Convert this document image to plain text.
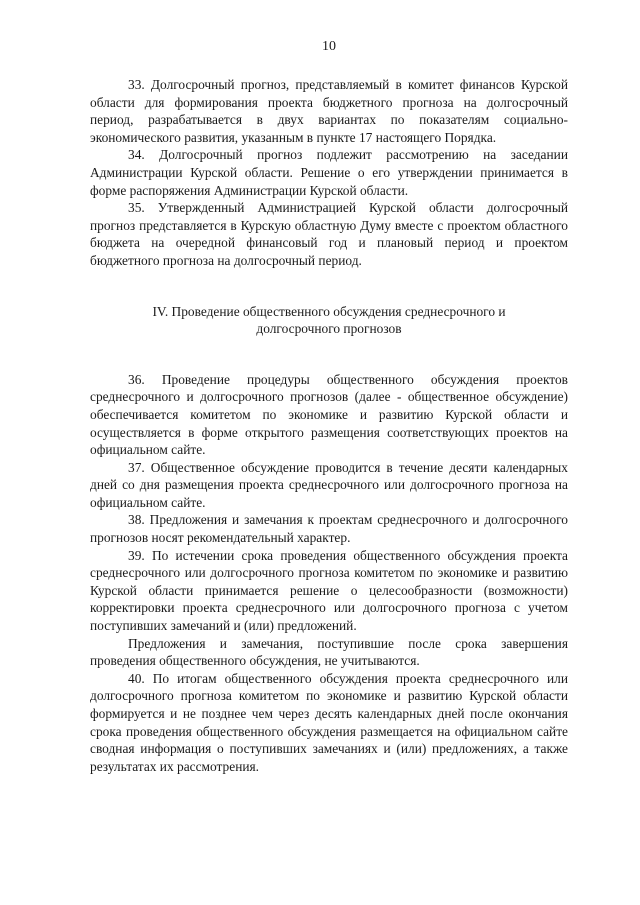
10

33. Долгосрочный прогноз, представляемый в комитет финансов Курской области для формирования проекта бюджетного прогноза на долгосрочный период, разрабатывается в двух вариантах по показателям социально-экономического развития, указанным в пункте 17 настоящего Порядка.

34. Долгосрочный прогноз подлежит рассмотрению на заседании Администрации Курской области. Решение о его утверждении принимается в форме распоряжения Администрации Курской области.

35. Утвержденный Администрацией Курской области долгосрочный прогноз представляется в Курскую областную Думу вместе с проектом областного бюджета на очередной финансовый год и плановый период и проектом бюджетного прогноза на долгосрочный период.

IV. Проведение общественного обсуждения среднесрочного и
долгосрочного прогнозов

36. Проведение процедуры общественного обсуждения проектов среднесрочного и долгосрочного прогнозов (далее - общественное обсуждение) обеспечивается комитетом по экономике и развитию Курской области и осуществляется в форме открытого размещения соответствующих проектов на официальном сайте.

37. Общественное обсуждение проводится в течение десяти календарных дней со дня размещения проекта среднесрочного или долгосрочного прогноза на официальном сайте.

38. Предложения и замечания к проектам среднесрочного и долгосрочного прогнозов носят рекомендательный характер.

39. По истечении срока проведения общественного обсуждения проекта среднесрочного или долгосрочного прогноза комитетом по экономике и развитию Курской области принимается решение о целесообразности (возможности) корректировки проекта среднесрочного или долгосрочного прогноза с учетом поступивших замечаний и (или) предложений.

Предложения и замечания, поступившие после срока завершения проведения общественного обсуждения, не учитываются.

40. По итогам общественного обсуждения проекта среднесрочного или долгосрочного прогноза комитетом по экономике и развитию Курской области формируется и не позднее чем через десять календарных дней после окончания срока проведения общественного обсуждения размещается на официальном сайте сводная информация о поступивших замечаниях и (или) предложениях, а также результатах их рассмотрения.
